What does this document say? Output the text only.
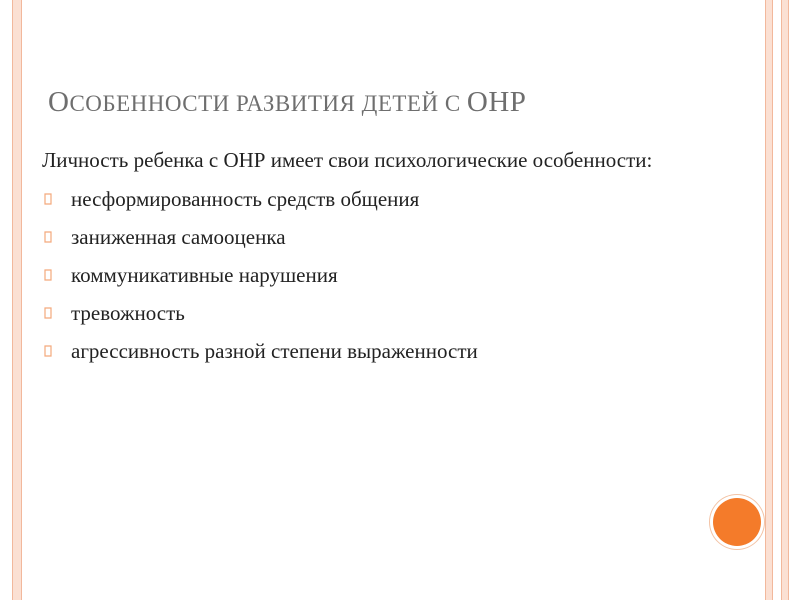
ОСОБЕННОСТИ РАЗВИТИЯ ДЕТЕЙ С ОНР

Личность ребенка с ОНР имеет свои психологические особенности:

несформированность средств общения
заниженная самооценка
коммуникативные нарушения
тревожность
агрессивность разной степени выраженности
